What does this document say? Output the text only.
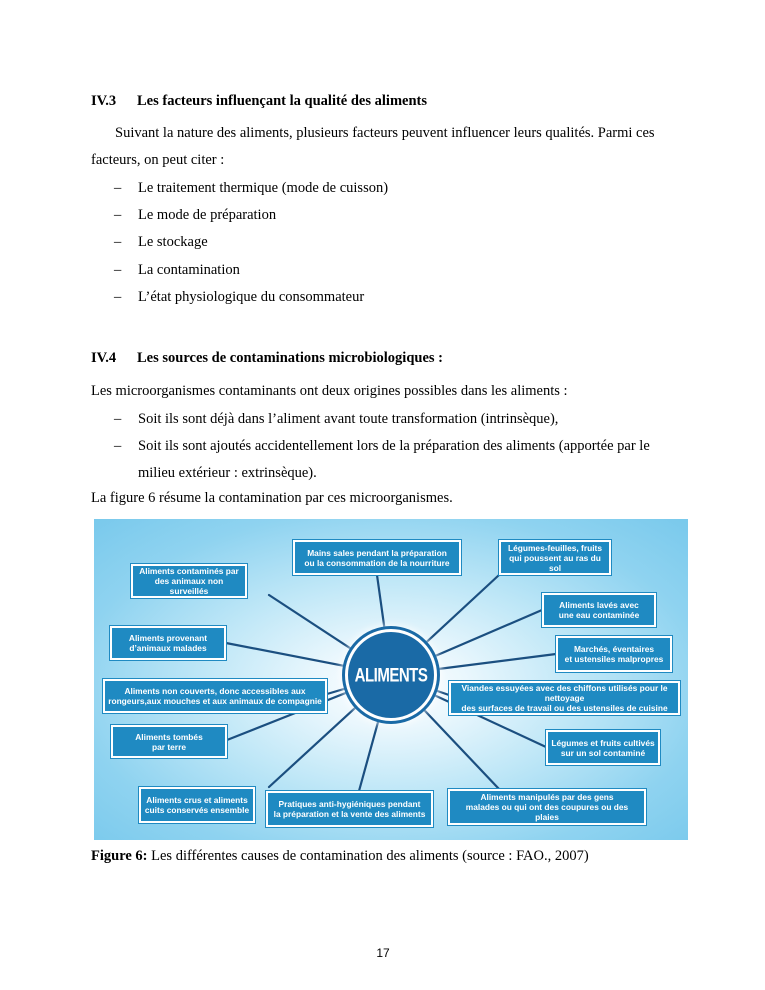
IV.3 Les facteurs influençant la qualité des aliments
Suivant la nature des aliments, plusieurs facteurs peuvent influencer leurs qualités. Parmi ces
facteurs, on peut citer :
– Le traitement thermique (mode de cuisson)
– Le mode de préparation
– Le stockage
– La contamination
– L’état physiologique du consommateur
IV.4 Les sources de contaminations microbiologiques :
Les microorganismes contaminants ont deux origines possibles dans les aliments :
– Soit ils sont déjà dans l’aliment avant toute transformation (intrinsèque),
– Soit ils sont ajoutés accidentellement lors de la préparation des aliments (apportée par le
milieu extérieur : extrinsèque).
La figure 6 résume la contamination par ces microorganismes.
ALIMENTS
Mains sales pendant la préparation
ou la consommation de la nourriture
Légumes-feuilles, fruits
qui poussent au ras du sol
Aliments contaminés par
des animaux non surveillés
Aliments lavés avec
une eau contaminée
Aliments provenant
d’animaux malades	Marchés, éventaires
et ustensiles malpropres
Aliments non couverts, donc accessibles aux
rongeurs,aux mouches et aux animaux de compagnie
Viandes essuyées avec des chiffons utilisés pour le nettoyage
des surfaces de travail ou des ustensiles de cuisine
Aliments tombés
par terre	Légumes et fruits cultivés
sur un sol contaminé
Aliments crus et aliments
cuits conservés ensemble
Pratiques anti-hygiéniques pendant
la préparation et la vente des aliments
Aliments manipulés par des gens
malades ou qui ont des coupures ou des plaies
Figure 6: Les différentes causes de contamination des aliments (source : FAO., 2007)
17
